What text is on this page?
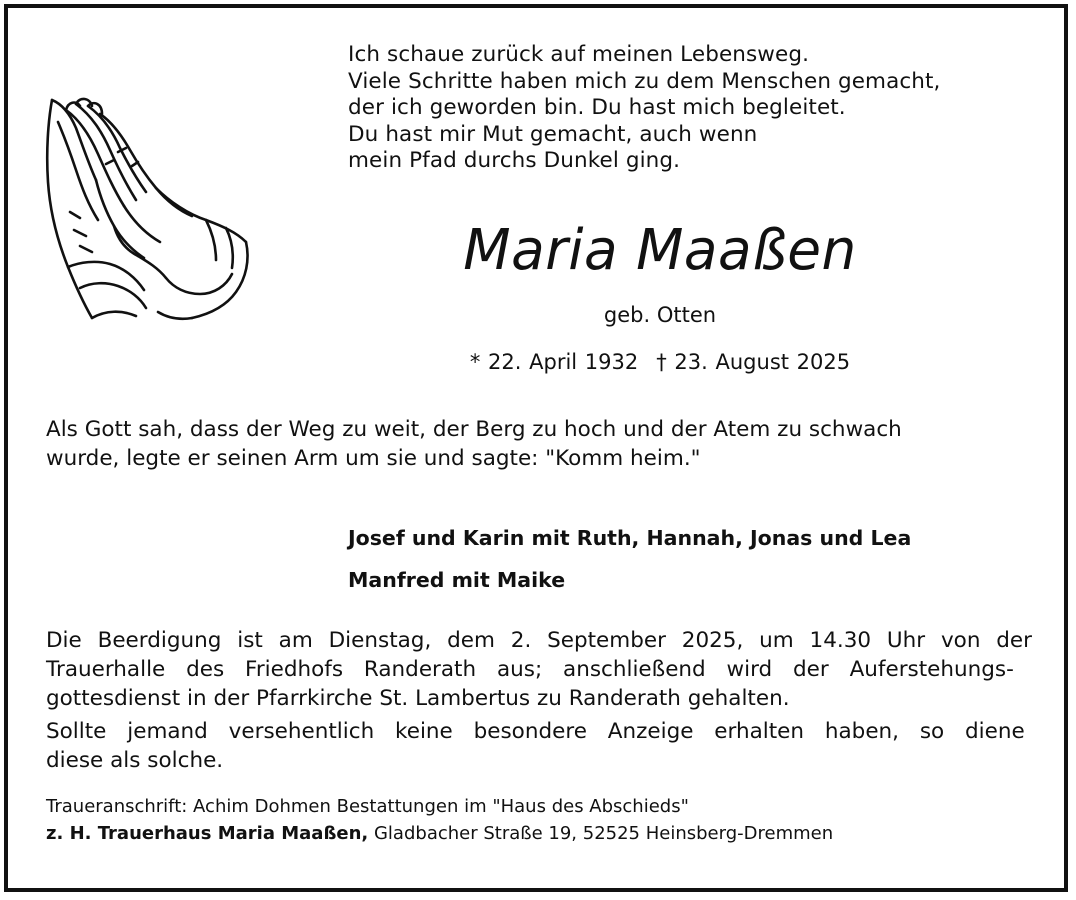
Ich schaue zurück auf meinen Lebensweg.
Viele Schritte haben mich zu dem Menschen gemacht,
der ich geworden bin. Du hast mich begleitet.
Du hast mir Mut gemacht, auch wenn
mein Pfad durchs Dunkel ging.
Maria Maaßen
geb. Otten
* 22. April 1932 † 23. August 2025
Als Gott sah, dass der Weg zu weit, der Berg zu hoch und der Atem zu schwach
wurde, legte er seinen Arm um sie und sagte: "Komm heim."
Josef und Karin mit Ruth, Hannah, Jonas und Lea
Manfred mit Maike
Die Beerdigung ist am Dienstag, dem 2. September 2025, um 14.30 Uhr von der
Trauerhalle des Friedhofs Randerath aus; anschließend wird der Auferstehungs-
gottesdienst in der Pfarrkirche St. Lambertus zu Randerath gehalten.
Sollte jemand versehentlich keine besondere Anzeige erhalten haben, so diene
diese als solche.
Traueranschrift: Achim Dohmen Bestattungen im "Haus des Abschieds"
z. H. Trauerhaus Maria Maaßen, Gladbacher Straße 19, 52525 Heinsberg-Dremmen
